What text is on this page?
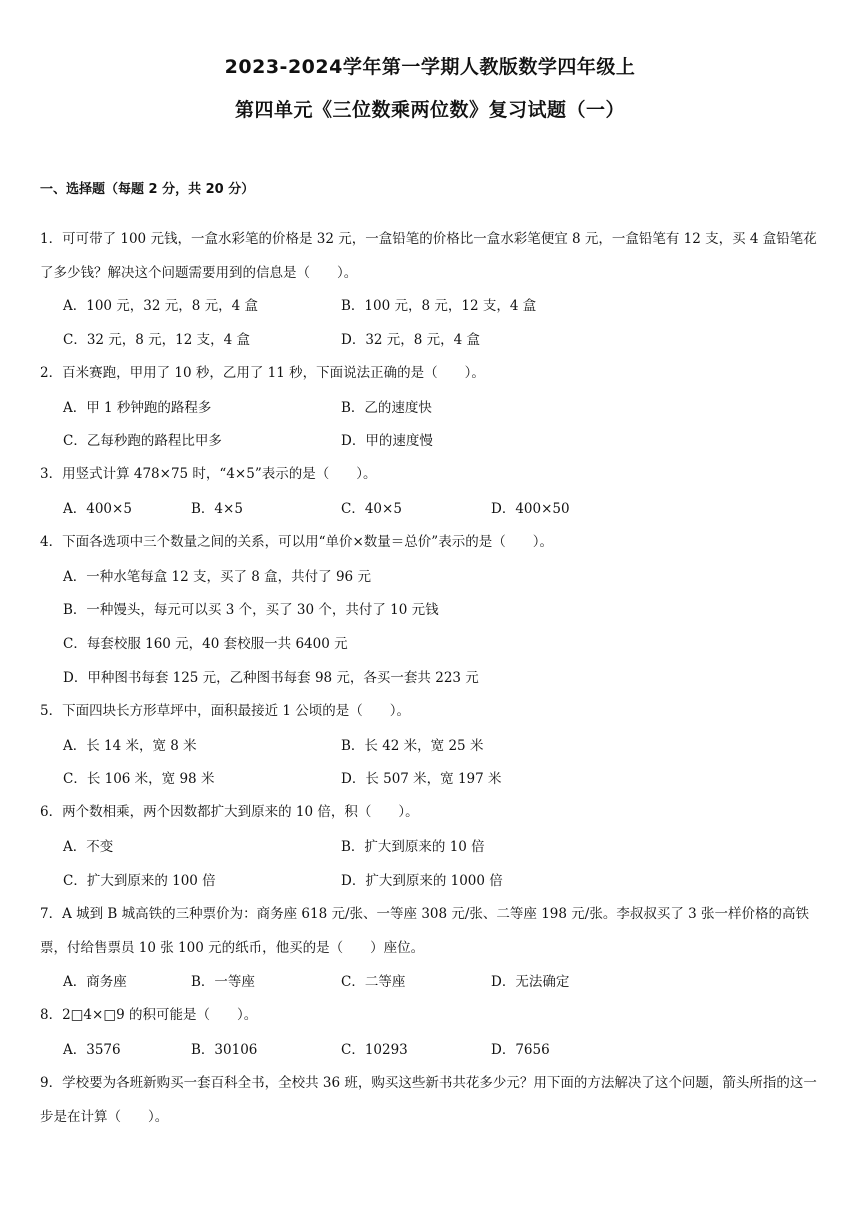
2023-2024学年第一学期人教版数学四年级上
第四单元《三位数乘两位数》复习试题（一）
一、选择题（每题 2 分，共 20 分）
1．可可带了 100 元钱，一盒水彩笔的价格是 32 元，一盒铅笔的价格比一盒水彩笔便宜 8 元，一盒铅笔有 12 支，买 4 盒铅笔花了多少钱？解决这个问题需要用到的信息是（　　）。
A．100 元，32 元，8 元，4 盒	B．100 元，8 元，12 支，4 盒
C．32 元，8 元，12 支，4 盒	D．32 元，8 元，4 盒
2．百米赛跑，甲用了 10 秒，乙用了 11 秒，下面说法正确的是（　　）。
A．甲 1 秒钟跑的路程多	B．乙的速度快
C．乙每秒跑的路程比甲多	D．甲的速度慢
3．用竖式计算 478×75 时，“4×5”表示的是（　　）。
A．400×5	B．4×5	C．40×5	D．400×50
4．下面各选项中三个数量之间的关系，可以用“单价×数量＝总价”表示的是（　　）。
A．一种水笔每盒 12 支，买了 8 盒，共付了 96 元
B．一种馒头，每元可以买 3 个，买了 30 个，共付了 10 元钱
C．每套校服 160 元，40 套校服一共 6400 元
D．甲种图书每套 125 元，乙种图书每套 98 元，各买一套共 223 元
5．下面四块长方形草坪中，面积最接近 1 公顷的是（　　）。
A．长 14 米，宽 8 米	B．长 42 米，宽 25 米
C．长 106 米，宽 98 米	D．长 507 米，宽 197 米
6．两个数相乘，两个因数都扩大到原来的 10 倍，积（　　）。
A．不变	B．扩大到原来的 10 倍
C．扩大到原来的 100 倍	D．扩大到原来的 1000 倍
7．A 城到 B 城高铁的三种票价为：商务座 618 元/张、一等座 308 元/张、二等座 198 元/张。李叔叔买了 3 张一样价格的高铁票，付给售票员 10 张 100 元的纸币，他买的是（　　）座位。
A．商务座	B．一等座	C．二等座	D．无法确定
8．2□4×□9 的积可能是（　　）。
A．3576	B．30106	C．10293	D．7656
9．学校要为各班新购买一套百科全书，全校共 36 班，购买这些新书共花多少元？用下面的方法解决了这个问题，箭头所指的这一步是在计算（　　）。
